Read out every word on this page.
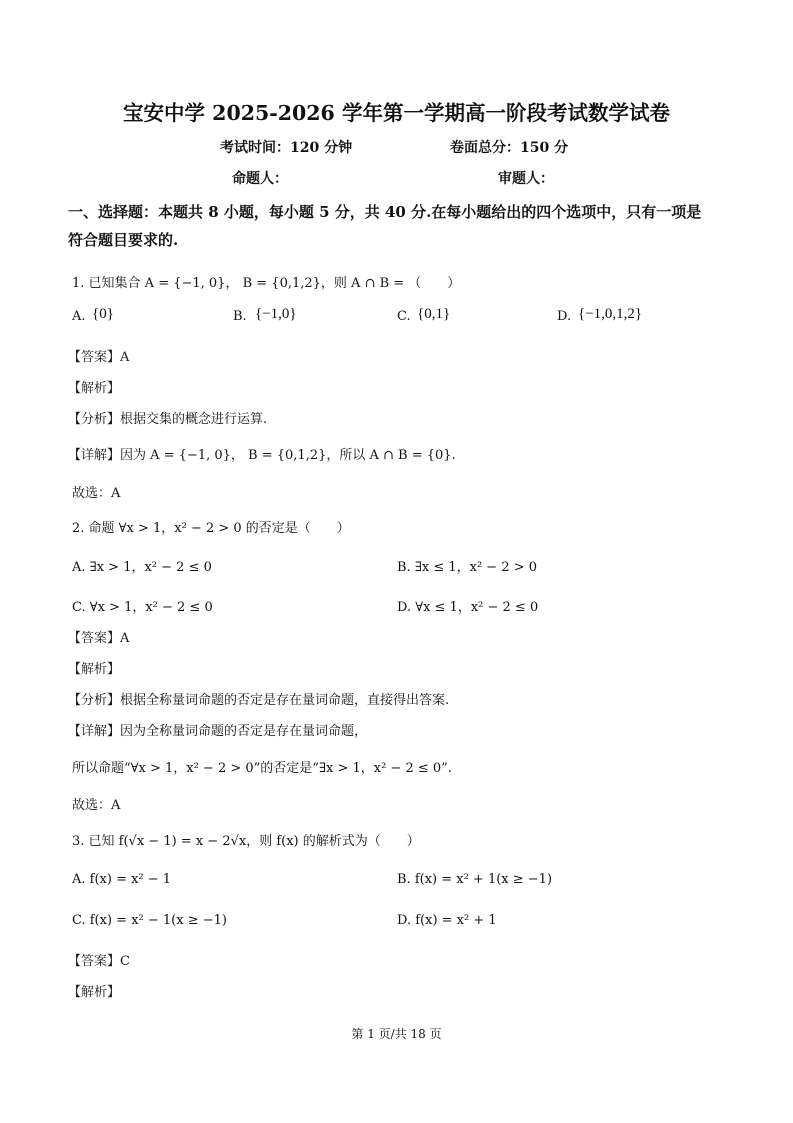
宝安中学 2025-2026 学年第一学期高一阶段考试数学试卷
考试时间：120 分钟	卷面总分：150 分
命题人：	审题人：
一、选择题：本题共 8 小题，每小题 5 分，共 40 分.在每小题给出的四个选项中，只有一项是
符合题目要求的.
1. 已知集合 A = {−1, 0}， B = {0,1,2}，则 A ∩ B = （　　）
A. {0}	B. {−1,0}	C. {0,1}	D. {−1,0,1,2}
【答案】A
【解析】
【分析】根据交集的概念进行运算.
【详解】因为 A = {−1, 0}， B = {0,1,2}，所以 A ∩ B = {0}.
故选：A
2. 命题 ∀x > 1，x² − 2 > 0 的否定是（　　）
A. ∃x > 1，x² − 2 ≤ 0	B. ∃x ≤ 1，x² − 2 > 0
C. ∀x > 1，x² − 2 ≤ 0	D. ∀x ≤ 1，x² − 2 ≤ 0
【答案】A
【解析】
【分析】根据全称量词命题的否定是存在量词命题，直接得出答案.
【详解】因为全称量词命题的否定是存在量词命题，
所以命题“∀x > 1，x² − 2 > 0”的否定是“∃x > 1，x² − 2 ≤ 0”.
故选：A
3. 已知 f(√x − 1) = x − 2√x，则 f(x) 的解析式为（　　）
A. f(x) = x² − 1	B. f(x) = x² + 1(x ≥ −1)
C. f(x) = x² − 1(x ≥ −1)	D. f(x) = x² + 1
【答案】C
【解析】
第 1 页/共 18 页
